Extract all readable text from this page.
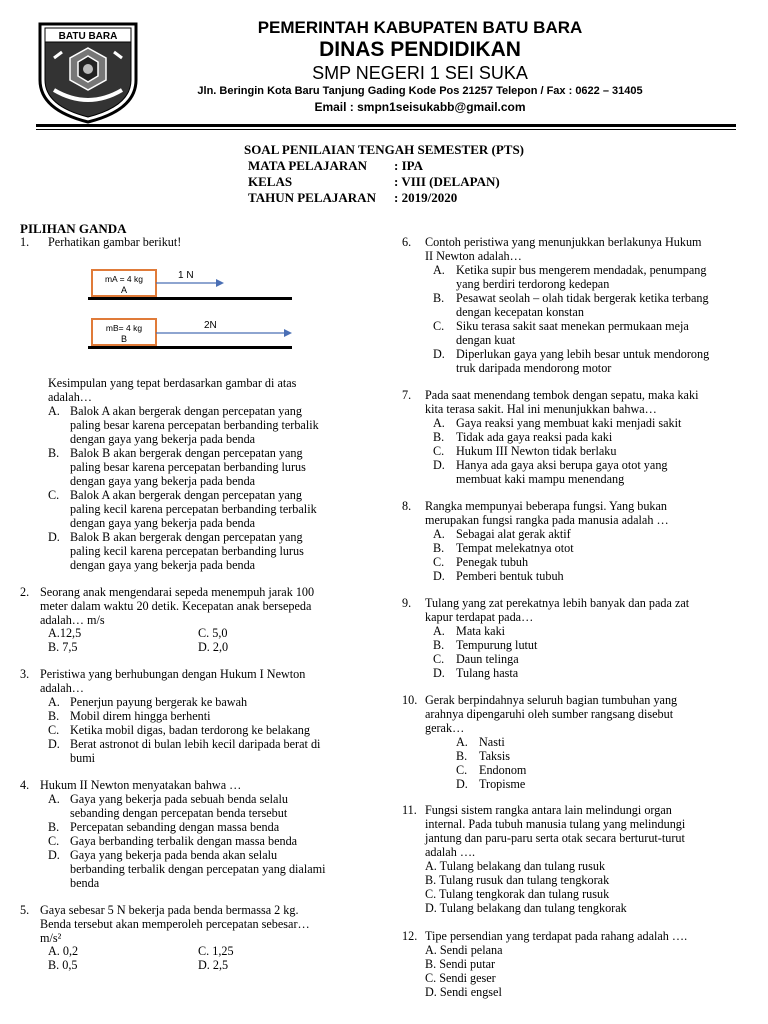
BATU BARA	PEMERINTAH KABUPATEN BATU BARA
DINAS PENDIDIKAN
SMP NEGERI 1 SEI SUKA
Jln. Beringin Kota Baru Tanjung Gading Kode Pos 21257 Telepon / Fax : 0622 – 31405
Email : smpn1seisukabb@gmail.com
SOAL PENILAIAN TENGAH SEMESTER (PTS)
MATA PELAJARAN : IPA
KELAS	: VIII (DELAPAN)
TAHUN PELAJARAN : 2019/2020
PILIHAN GANDA
1. Perhatikan gambar berikut!
mA = 4 kg
A
1 N
mB= 4 kg
B
2N
Kesimpulan yang tepat berdasarkan gambar di atas
adalah…
A. Balok A akan bergerak dengan percepatan yang
paling besar karena percepatan berbanding terbalik
dengan gaya yang bekerja pada benda
B. Balok B akan bergerak dengan percepatan yang
paling besar karena percepatan berbanding lurus
dengan gaya yang bekerja pada benda
C. Balok A akan bergerak dengan percepatan yang
paling kecil karena percepatan berbanding terbalik
dengan gaya yang bekerja pada benda
D. Balok B akan bergerak dengan percepatan yang
paling kecil karena percepatan berbanding lurus
dengan gaya yang bekerja pada benda
2. Seorang anak mengendarai sepeda menempuh jarak 100
meter dalam waktu 20 detik. Kecepatan anak bersepeda
adalah… m/s
A.12,5	C. 5,0
B. 7,5	D. 2,0
3. Peristiwa yang berhubungan dengan Hukum I Newton
adalah…
A. Penerjun payung bergerak ke bawah
B. Mobil direm hingga berhenti
C. Ketika mobil digas, badan terdorong ke belakang
D. Berat astronot di bulan lebih kecil daripada berat di
bumi
4. Hukum II Newton menyatakan bahwa …
A. Gaya yang bekerja pada sebuah benda selalu
sebanding dengan percepatan benda tersebut
B. Percepatan sebanding dengan massa benda
C. Gaya berbanding terbalik dengan massa benda
D. Gaya yang bekerja pada benda akan selalu
berbanding terbalik dengan percepatan yang dialami
benda
5. Gaya sebesar 5 N bekerja pada benda bermassa 2 kg.
Benda tersebut akan memperoleh percepatan sebesar…
m/s²
A. 0,2	C. 1,25
B. 0,5	D. 2,5
6. Contoh peristiwa yang menunjukkan berlakunya Hukum
II Newton adalah…
A. Ketika supir bus mengerem mendadak, penumpang
yang berdiri terdorong kedepan
B. Pesawat seolah – olah tidak bergerak ketika terbang
dengan kecepatan konstan
C. Siku terasa sakit saat menekan permukaan meja
dengan kuat
D. Diperlukan gaya yang lebih besar untuk mendorong
truk daripada mendorong motor
7. Pada saat menendang tembok dengan sepatu, maka kaki
kita terasa sakit. Hal ini menunjukkan bahwa…
A. Gaya reaksi yang membuat kaki menjadi sakit
B. Tidak ada gaya reaksi pada kaki
C. Hukum III Newton tidak berlaku
D. Hanya ada gaya aksi berupa gaya otot yang
membuat kaki mampu menendang
8. Rangka mempunyai beberapa fungsi. Yang bukan
merupakan fungsi rangka pada manusia adalah …
A. Sebagai alat gerak aktif
B. Tempat melekatnya otot
C. Penegak tubuh
D. Pemberi bentuk tubuh
9. Tulang yang zat perekatnya lebih banyak dan pada zat
kapur terdapat pada…
A. Mata kaki
B. Tempurung lutut
C. Daun telinga
D. Tulang hasta
10. Gerak berpindahnya seluruh bagian tumbuhan yang
arahnya dipengaruhi oleh sumber rangsang disebut
gerak…
A. Nasti
B. Taksis
C. Endonom
D. Tropisme
11. Fungsi sistem rangka antara lain melindungi organ
internal. Pada tubuh manusia tulang yang melindungi
jantung dan paru-paru serta otak secara berturut-turut
adalah ….
A. Tulang belakang dan tulang rusuk
B. Tulang rusuk dan tulang tengkorak
C. Tulang tengkorak dan tulang rusuk
D. Tulang belakang dan tulang tengkorak
12. Tipe persendian yang terdapat pada rahang adalah ….
A. Sendi pelana
B. Sendi putar
C. Sendi geser
D. Sendi engsel
